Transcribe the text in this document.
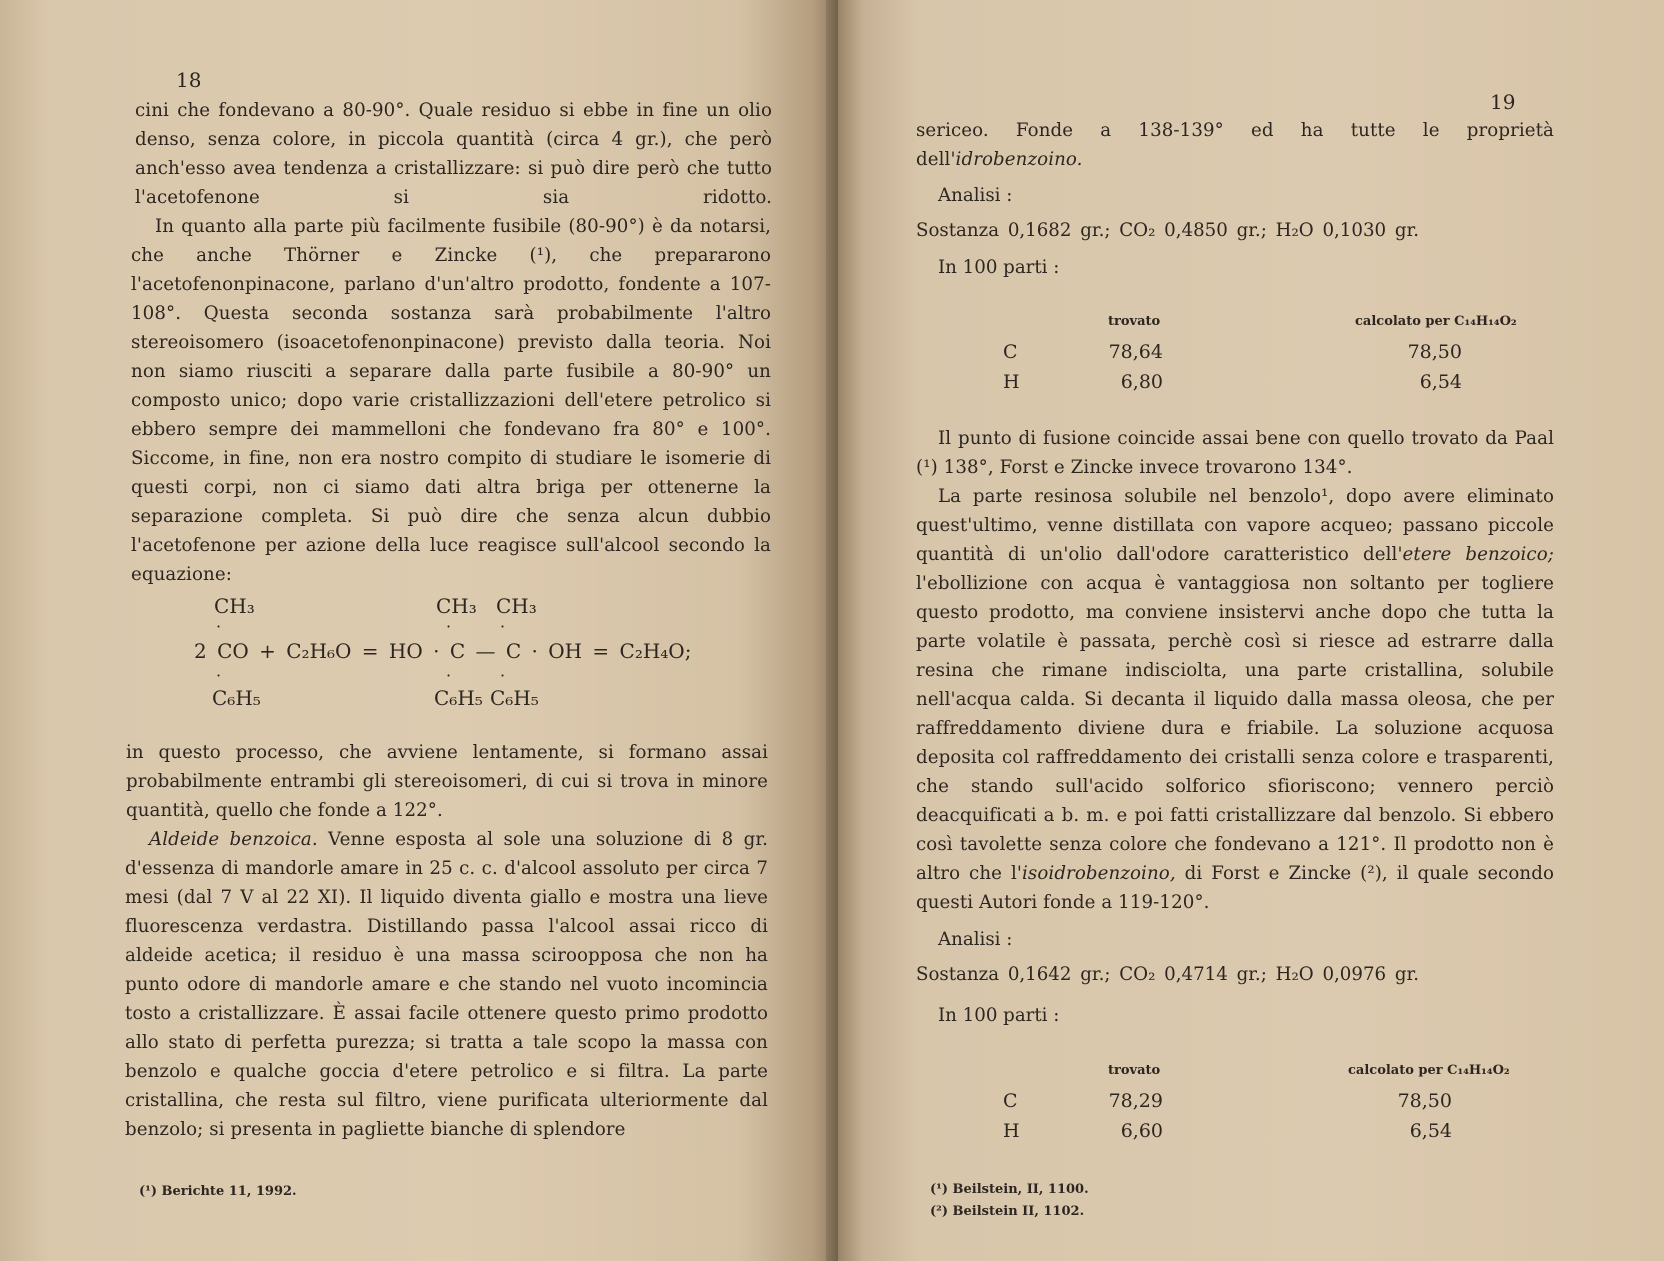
18

cini che fondevano a 80-90°. Quale residuo si ebbe in fine un olio denso, senza colore, in piccola quantità (circa 4 gr.), che però anch'esso avea tendenza a cristallizzare: si può dire però che tutto l'acetofenone si sia ridotto.

In quanto alla parte più facilmente fusibile (80-90°) è da notarsi, che anche Thörner e Zincke (¹), che prepararono l'acetofenonpinacone, parlano d'un'altro prodotto, fondente a 107-108°. Questa seconda sostanza sarà probabilmente l'altro stereoisomero (isoacetofenonpinacone) previsto dalla teoria. Noi non siamo riusciti a separare dalla parte fusibile a 80-90° un composto unico; dopo varie cristallizzazioni dell'etere petrolico si ebbero sempre dei mammelloni che fondevano fra 80° e 100°. Siccome, in fine, non era nostro compito di studiare le isomerie di questi corpi, non ci siamo dati altra briga per ottenerne la separazione completa. Si può dire che senza alcun dubbio l'acetofenone per azione della luce reagisce sull'alcool secondo la equazione:

CH₃	CH₃ CH₃
·	·	·
2 CO + C₂H₆O = HO · C — C · OH = C₂H₄O;
·	·	·
C₆H₅	C₆H₅ C₆H₅

in questo processo, che avviene lentamente, si formano assai probabilmente entrambi gli stereoisomeri, di cui si trova in minore quantità, quello che fonde a 122°.

Aldeide benzoica. Venne esposta al sole una soluzione di 8 gr. d'essenza di mandorle amare in 25 c. c. d'alcool assoluto per circa 7 mesi (dal 7 V al 22 XI). Il liquido diventa giallo e mostra una lieve fluorescenza verdastra. Distillando passa l'alcool assai ricco di aldeide acetica; il residuo è una massa sciroopposa che non ha punto odore di mandorle amare e che stando nel vuoto incomincia tosto a cristallizzare. È assai facile ottenere questo primo prodotto allo stato di perfetta purezza; si tratta a tale scopo la massa con benzolo e qualche goccia d'etere petrolico e si filtra. La parte cristallina, che resta sul filtro, viene purificata ulteriormente dal benzolo; si presenta in pagliette bianche di splendore

(¹) Berichte 11, 1992.
19

sericeo. Fonde a 138-139° ed ha tutte le proprietà dell'idrobenzoino.

Analisi :
Sostanza 0,1682 gr.; CO₂ 0,4850 gr.; H₂O 0,1030 gr.
In 100 parti :
trovato	calcolato per C₁₄H₁₄O₂
C	78,64	78,50
H	6,80	6,54

Il punto di fusione coincide assai bene con quello trovato da Paal (¹) 138°, Forst e Zincke invece trovarono 134°.

La parte resinosa solubile nel benzolo¹, dopo avere eliminato quest'ultimo, venne distillata con vapore acqueo; passano piccole quantità di un'olio dall'odore caratteristico dell'etere benzoico; l'ebollizione con acqua è vantaggiosa non soltanto per togliere questo prodotto, ma conviene insistervi anche dopo che tutta la parte volatile è passata, perchè così si riesce ad estrarre dalla resina che rimane indisciolta, una parte cristallina, solubile nell'acqua calda. Si decanta il liquido dalla massa oleosa, che per raffreddamento diviene dura e friabile. La soluzione acquosa deposita col raffreddamento dei cristalli senza colore e trasparenti, che stando sull'acido solforico sfioriscono; vennero perciò deacquificati a b. m. e poi fatti cristallizzare dal benzolo. Si ebbero così tavolette senza colore che fondevano a 121°. Il prodotto non è altro che l'isoidrobenzoino, di Forst e Zincke (²), il quale secondo questi Autori fonde a 119-120°.

Analisi :
Sostanza 0,1642 gr.; CO₂ 0,4714 gr.; H₂O 0,0976 gr.
In 100 parti :
trovato	calcolato per C₁₄H₁₄O₂
C	78,29	78,50
H	6,60	6,54
(¹) Beilstein, II, 1100.
(²) Beilstein II, 1102.
